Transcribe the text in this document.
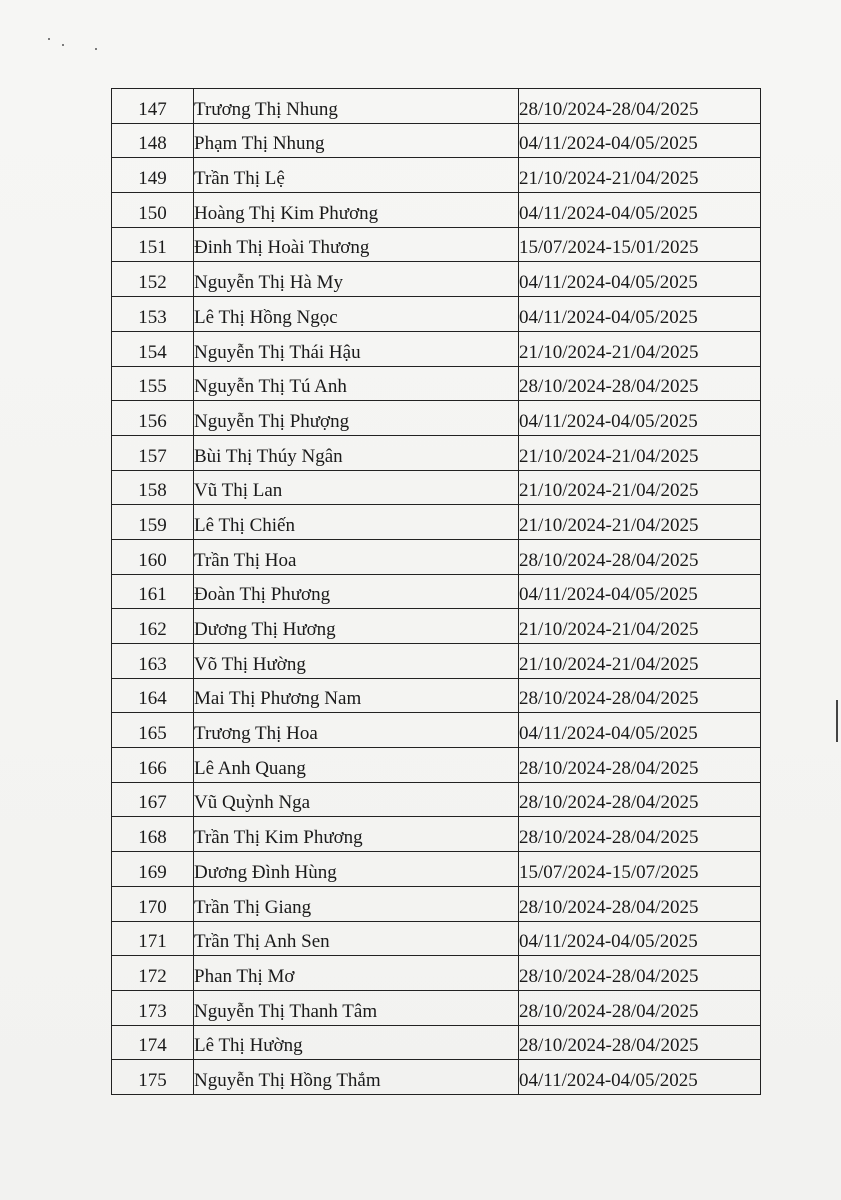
147	Trương Thị Nhung	28/10/2024-28/04/2025
148	Phạm Thị Nhung	04/11/2024-04/05/2025
149	Trần Thị Lệ	21/10/2024-21/04/2025
150	Hoàng Thị Kim Phương	04/11/2024-04/05/2025
151	Đinh Thị Hoài Thương	15/07/2024-15/01/2025
152	Nguyễn Thị Hà My	04/11/2024-04/05/2025
153	Lê Thị Hồng Ngọc	04/11/2024-04/05/2025
154	Nguyễn Thị Thái Hậu	21/10/2024-21/04/2025
155	Nguyễn Thị Tú Anh	28/10/2024-28/04/2025
156	Nguyễn Thị Phượng	04/11/2024-04/05/2025
157	Bùi Thị Thúy Ngân	21/10/2024-21/04/2025
158	Vũ Thị Lan	21/10/2024-21/04/2025
159	Lê Thị Chiến	21/10/2024-21/04/2025
160	Trần Thị Hoa	28/10/2024-28/04/2025
161	Đoàn Thị Phương	04/11/2024-04/05/2025
162	Dương Thị Hương	21/10/2024-21/04/2025
163	Võ Thị Hường	21/10/2024-21/04/2025
164	Mai Thị Phương Nam	28/10/2024-28/04/2025
165	Trương Thị Hoa	04/11/2024-04/05/2025
166	Lê Anh Quang	28/10/2024-28/04/2025
167	Vũ Quỳnh Nga	28/10/2024-28/04/2025
168	Trần Thị Kim Phương	28/10/2024-28/04/2025
169	Dương Đình Hùng	15/07/2024-15/07/2025
170	Trần Thị Giang	28/10/2024-28/04/2025
171	Trần Thị Anh Sen	04/11/2024-04/05/2025
172	Phan Thị Mơ	28/10/2024-28/04/2025
173	Nguyễn Thị Thanh Tâm	28/10/2024-28/04/2025
174	Lê Thị Hường	28/10/2024-28/04/2025
175	Nguyễn Thị Hồng Thắm	04/11/2024-04/05/2025
